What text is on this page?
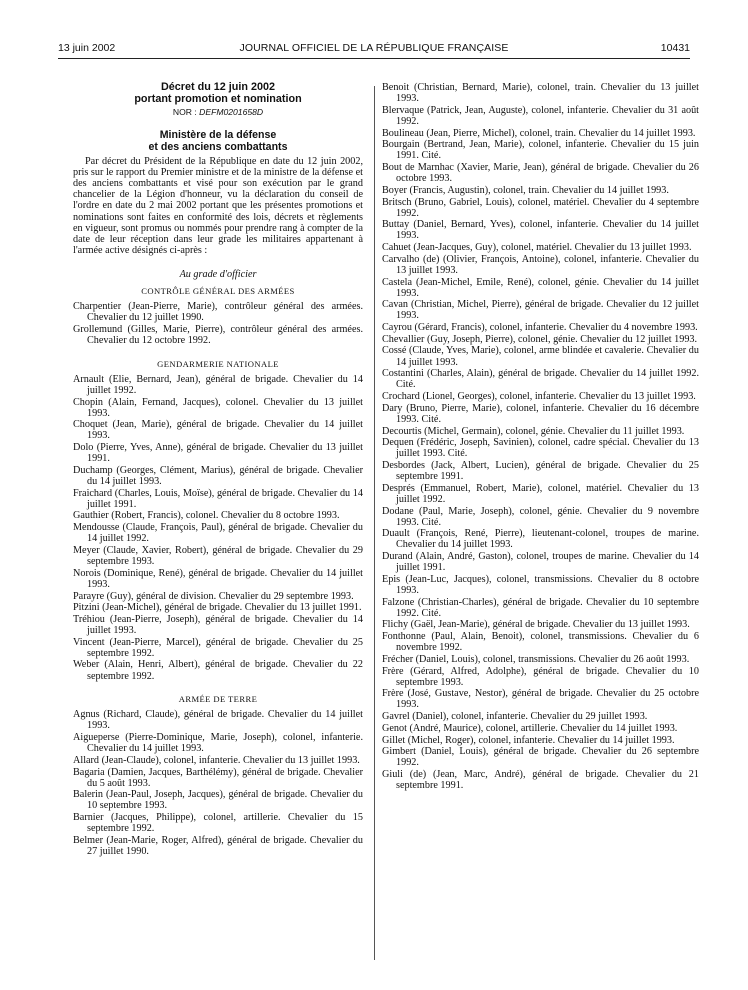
13 juin 2002	JOURNAL OFFICIEL DE LA RÉPUBLIQUE FRANÇAISE	10431
Décret du 12 juin 2002
portant promotion et nomination
NOR : DEFM0201658D
Ministère de la défense
et des anciens combattants
Par décret du Président de la République en date du 12 juin 2002, pris sur le rapport du Premier ministre et de la ministre de la défense et des anciens combattants et visé pour son exécution par le grand chancelier de la Légion d'honneur, vu la déclaration du conseil de l'ordre en date du 2 mai 2002 portant que les présentes promotions et nominations sont faites en conformité des lois, décrets et règlements en vigueur, sont promus ou nommés pour prendre rang à compter de la date de leur réception dans leur grade les militaires appartenant à l'armée active désignés ci-après :
Au grade d'officier
CONTRÔLE GÉNÉRAL DES ARMÉES
Charpentier (Jean-Pierre, Marie), contrôleur général des armées. Chevalier du 12 juillet 1990.
Grollemund (Gilles, Marie, Pierre), contrôleur général des armées. Chevalier du 12 octobre 1992.
GENDARMERIE NATIONALE
Arnault (Elie, Bernard, Jean), général de brigade. Chevalier du 14 juillet 1992.
Chopin (Alain, Fernand, Jacques), colonel. Chevalier du 13 juillet 1993.
Choquet (Jean, Marie), général de brigade. Chevalier du 14 juillet 1993.
Dolo (Pierre, Yves, Anne), général de brigade. Chevalier du 13 juillet 1991.
Duchamp (Georges, Clément, Marius), général de brigade. Chevalier du 14 juillet 1993.
Fraichard (Charles, Louis, Moïse), général de brigade. Chevalier du 14 juillet 1991.
Gauthier (Robert, Francis), colonel. Chevalier du 8 octobre 1993.
Mendousse (Claude, François, Paul), général de brigade. Chevalier du 14 juillet 1992.
Meyer (Claude, Xavier, Robert), général de brigade. Chevalier du 29 septembre 1993.
Norois (Dominique, René), général de brigade. Chevalier du 14 juillet 1993.
Parayre (Guy), général de division. Chevalier du 29 septembre 1993.
Pitzini (Jean-Michel), général de brigade. Chevalier du 13 juillet 1991.
Tréhiou (Jean-Pierre, Joseph), général de brigade. Chevalier du 14 juillet 1993.
Vincent (Jean-Pierre, Marcel), général de brigade. Chevalier du 25 septembre 1992.
Weber (Alain, Henri, Albert), général de brigade. Chevalier du 22 septembre 1992.
ARMÉE DE TERRE
Agnus (Richard, Claude), général de brigade. Chevalier du 14 juillet 1993.
Aigueperse (Pierre-Dominique, Marie, Joseph), colonel, infanterie. Chevalier du 14 juillet 1993.
Allard (Jean-Claude), colonel, infanterie. Chevalier du 13 juillet 1993.
Bagaria (Damien, Jacques, Barthélémy), général de brigade. Chevalier du 5 août 1993.
Balerin (Jean-Paul, Joseph, Jacques), général de brigade. Chevalier du 10 septembre 1993.
Barnier (Jacques, Philippe), colonel, artillerie. Chevalier du 15 septembre 1992.
Belmer (Jean-Marie, Roger, Alfred), général de brigade. Chevalier du 27 juillet 1990.
Benoit (Christian, Bernard, Marie), colonel, train. Chevalier du 13 juillet 1993.
Blervaque (Patrick, Jean, Auguste), colonel, infanterie. Chevalier du 31 août 1992.
Boulineau (Jean, Pierre, Michel), colonel, train. Chevalier du 14 juillet 1993.
Bourgain (Bertrand, Jean, Marie), colonel, infanterie. Chevalier du 15 juin 1991. Cité.
Bout de Marnhac (Xavier, Marie, Jean), général de brigade. Chevalier du 26 octobre 1993.
Boyer (Francis, Augustin), colonel, train. Chevalier du 14 juillet 1993.
Britsch (Bruno, Gabriel, Louis), colonel, matériel. Chevalier du 4 septembre 1992.
Buttay (Daniel, Bernard, Yves), colonel, infanterie. Chevalier du 14 juillet 1993.
Cahuet (Jean-Jacques, Guy), colonel, matériel. Chevalier du 13 juillet 1993.
Carvalho (de) (Olivier, François, Antoine), colonel, infanterie. Chevalier du 13 juillet 1993.
Castela (Jean-Michel, Emile, René), colonel, génie. Chevalier du 14 juillet 1993.
Cavan (Christian, Michel, Pierre), général de brigade. Chevalier du 12 juillet 1993.
Cayrou (Gérard, Francis), colonel, infanterie. Chevalier du 4 novembre 1993.
Chevallier (Guy, Joseph, Pierre), colonel, génie. Chevalier du 12 juillet 1993.
Cossé (Claude, Yves, Marie), colonel, arme blindée et cavalerie. Chevalier du 14 juillet 1993.
Costantini (Charles, Alain), général de brigade. Chevalier du 14 juillet 1992. Cité.
Crochard (Lionel, Georges), colonel, infanterie. Chevalier du 13 juillet 1993.
Dary (Bruno, Pierre, Marie), colonel, infanterie. Chevalier du 16 décembre 1993. Cité.
Decourtis (Michel, Germain), colonel, génie. Chevalier du 11 juillet 1993.
Dequen (Frédéric, Joseph, Savinien), colonel, cadre spécial. Chevalier du 13 juillet 1993. Cité.
Desbordes (Jack, Albert, Lucien), général de brigade. Chevalier du 25 septembre 1991.
Després (Emmanuel, Robert, Marie), colonel, matériel. Chevalier du 13 juillet 1992.
Dodane (Paul, Marie, Joseph), colonel, génie. Chevalier du 9 novembre 1993. Cité.
Duault (François, René, Pierre), lieutenant-colonel, troupes de marine. Chevalier du 14 juillet 1993.
Durand (Alain, André, Gaston), colonel, troupes de marine. Chevalier du 14 juillet 1991.
Epis (Jean-Luc, Jacques), colonel, transmissions. Chevalier du 8 octobre 1993.
Falzone (Christian-Charles), général de brigade. Chevalier du 10 septembre 1992. Cité.
Flichy (Gaël, Jean-Marie), général de brigade. Chevalier du 13 juillet 1993.
Fonthonne (Paul, Alain, Benoit), colonel, transmissions. Chevalier du 6 novembre 1992.
Frécher (Daniel, Louis), colonel, transmissions. Chevalier du 26 août 1993.
Frère (Gérard, Alfred, Adolphe), général de brigade. Chevalier du 10 septembre 1993.
Frère (José, Gustave, Nestor), général de brigade. Chevalier du 25 octobre 1993.
Gavrel (Daniel), colonel, infanterie. Chevalier du 29 juillet 1993.
Genot (André, Maurice), colonel, artillerie. Chevalier du 14 juillet 1993.
Gillet (Michel, Roger), colonel, infanterie. Chevalier du 14 juillet 1993.
Gimbert (Daniel, Louis), général de brigade. Chevalier du 26 septembre 1992.
Giuli (de) (Jean, Marc, André), général de brigade. Chevalier du 21 septembre 1991.
